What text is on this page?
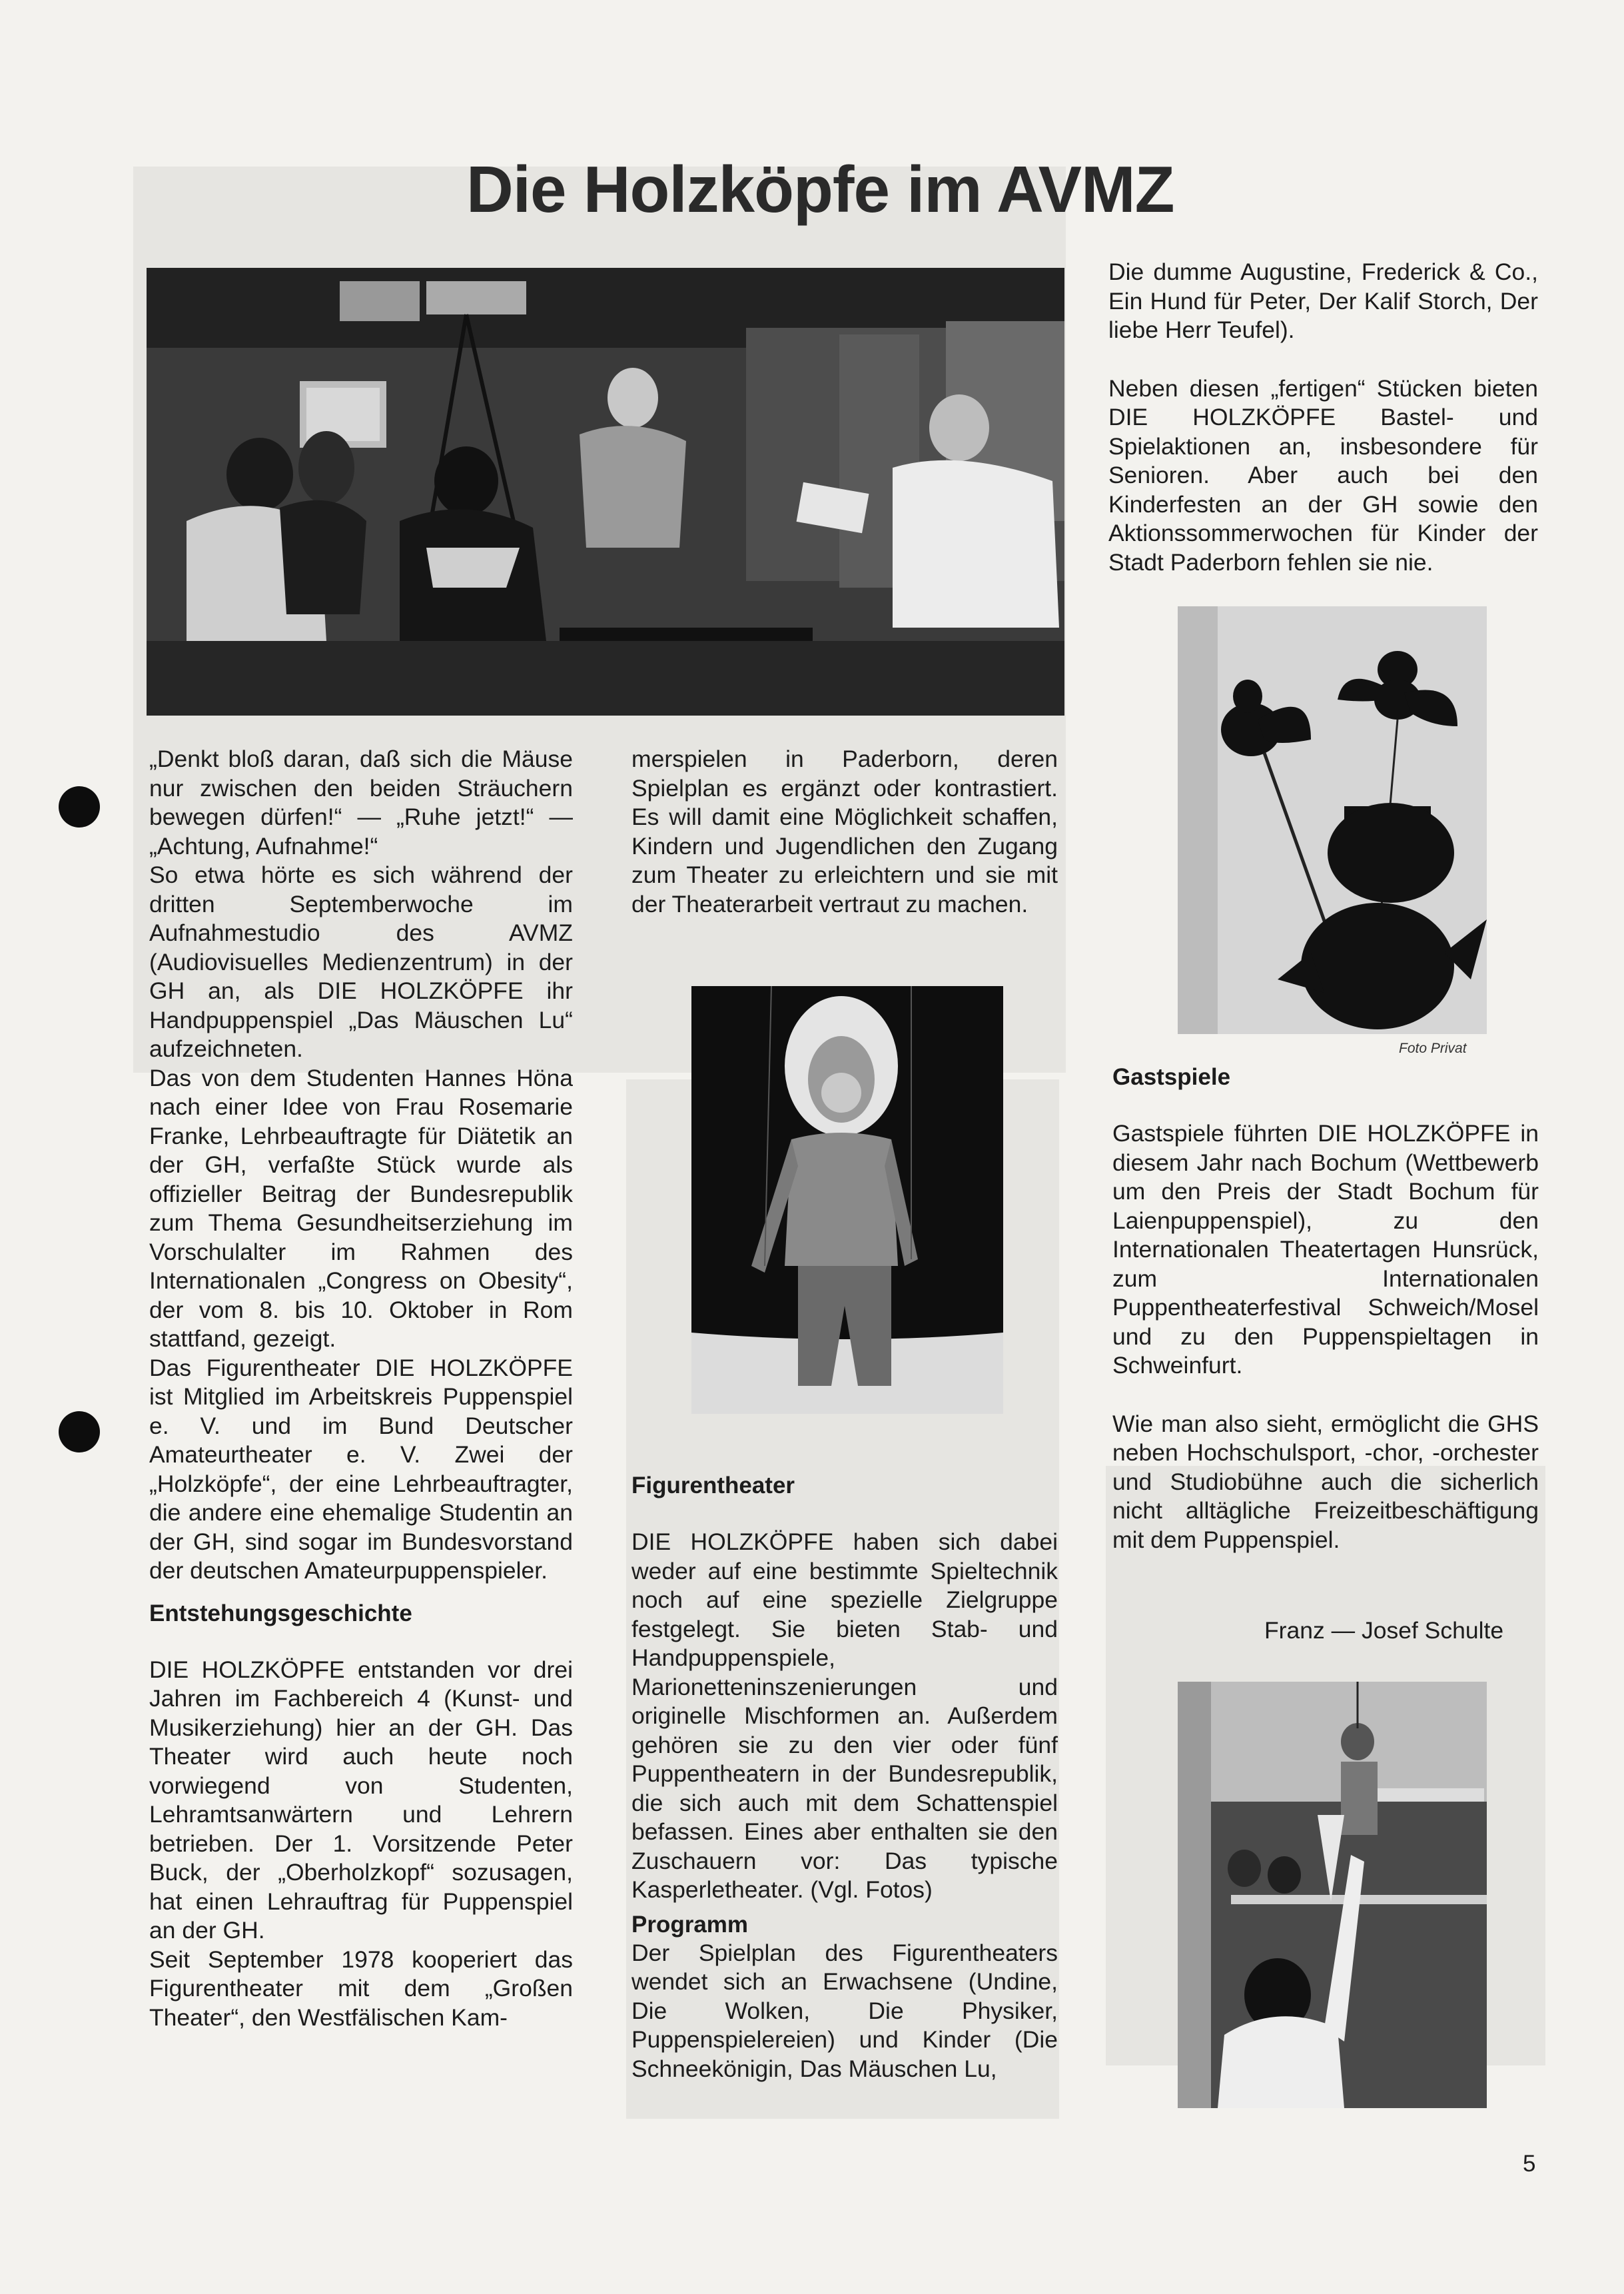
Die Holzköpfe im AVMZ

„Denkt bloß daran, daß sich die Mäuse nur zwischen den beiden Sträuchern bewegen dürfen!“ — „Ruhe jetzt!“ — „Achtung, Aufnahme!“

So etwa hörte es sich während der dritten Septemberwoche im Aufnahmestudio des AVMZ (Audiovisuelles Medienzentrum) in der GH an, als DIE HOLZKÖPFE ihr Handpuppenspiel „Das Mäuschen Lu“ aufzeichneten.

Das von dem Studenten Hannes Höna nach einer Idee von Frau Rosemarie Franke, Lehrbeauftragte für Diätetik an der GH, verfaßte Stück wurde als offizieller Beitrag der Bundesrepublik zum Thema Gesundheitserziehung im Vorschulalter im Rahmen des Internationalen „Congress on Obesity“, der vom 8. bis 10. Oktober in Rom stattfand, gezeigt.

Das Figurentheater DIE HOLZKÖPFE ist Mitglied im Arbeitskreis Puppenspiel e. V. und im Bund Deutscher Amateurtheater e. V. Zwei der „Holzköpfe“, der eine Lehrbeauftragter, die andere eine ehemalige Studentin an der GH, sind sogar im Bundesvorstand der deutschen Amateurpuppenspieler.

Entstehungsgeschichte

DIE HOLZKÖPFE entstanden vor drei Jahren im Fachbereich 4 (Kunst- und Musikerziehung) hier an der GH. Das Theater wird auch heute noch vorwiegend von Studenten, Lehramtsanwärtern und Lehrern betrieben. Der 1. Vorsitzende Peter Buck, der „Oberholzkopf“ sozusagen, hat einen Lehrauftrag für Puppenspiel an der GH.

Seit September 1978 kooperiert das Figurentheater mit dem „Großen Theater“, den Westfälischen Kam-

merspielen in Paderborn, deren Spielplan es ergänzt oder kontrastiert. Es will damit eine Möglichkeit schaffen, Kindern und Jugendlichen den Zugang zum Theater zu erleichtern und sie mit der Theaterarbeit vertraut zu machen.

Figurentheater

DIE HOLZKÖPFE haben sich dabei weder auf eine bestimmte Spieltechnik noch auf eine spezielle Zielgruppe festgelegt. Sie bieten Stab- und Handpuppenspiele, Marionetteninszenierungen und originelle Mischformen an. Außerdem gehören sie zu den vier oder fünf Puppentheatern in der Bundesrepublik, die sich auch mit dem Schattenspiel befassen. Eines aber enthalten sie den Zuschauern vor: Das typische Kasperletheater. (Vgl. Fotos)

Programm

Der Spielplan des Figurentheaters wendet sich an Erwachsene (Undine, Die Wolken, Die Physiker, Puppenspielereien) und Kinder (Die Schneekönigin, Das Mäuschen Lu,

Die dumme Augustine, Frederick & Co., Ein Hund für Peter, Der Kalif Storch, Der liebe Herr Teufel).

Neben diesen „fertigen“ Stücken bieten DIE HOLZKÖPFE Bastel- und Spielaktionen an, insbesondere für Senioren. Aber auch bei den Kinderfesten an der GH sowie den Aktionssommerwochen für Kinder der Stadt Paderborn fehlen sie nie.

Foto Privat
Gastspiele

Gastspiele führten DIE HOLZKÖPFE in diesem Jahr nach Bochum (Wettbewerb um den Preis der Stadt Bochum für Laienpuppenspiel), zu den Internationalen Theatertagen Hunsrück, zum Internationalen Puppentheaterfestival Schweich/Mosel und zu den Puppenspieltagen in Schweinfurt.

Wie man also sieht, ermöglicht die GHS neben Hochschulsport, -chor, -orchester und Studiobühne auch die sicherlich nicht alltägliche Freizeitbeschäftigung mit dem Puppenspiel.

Franz — Josef Schulte
5
